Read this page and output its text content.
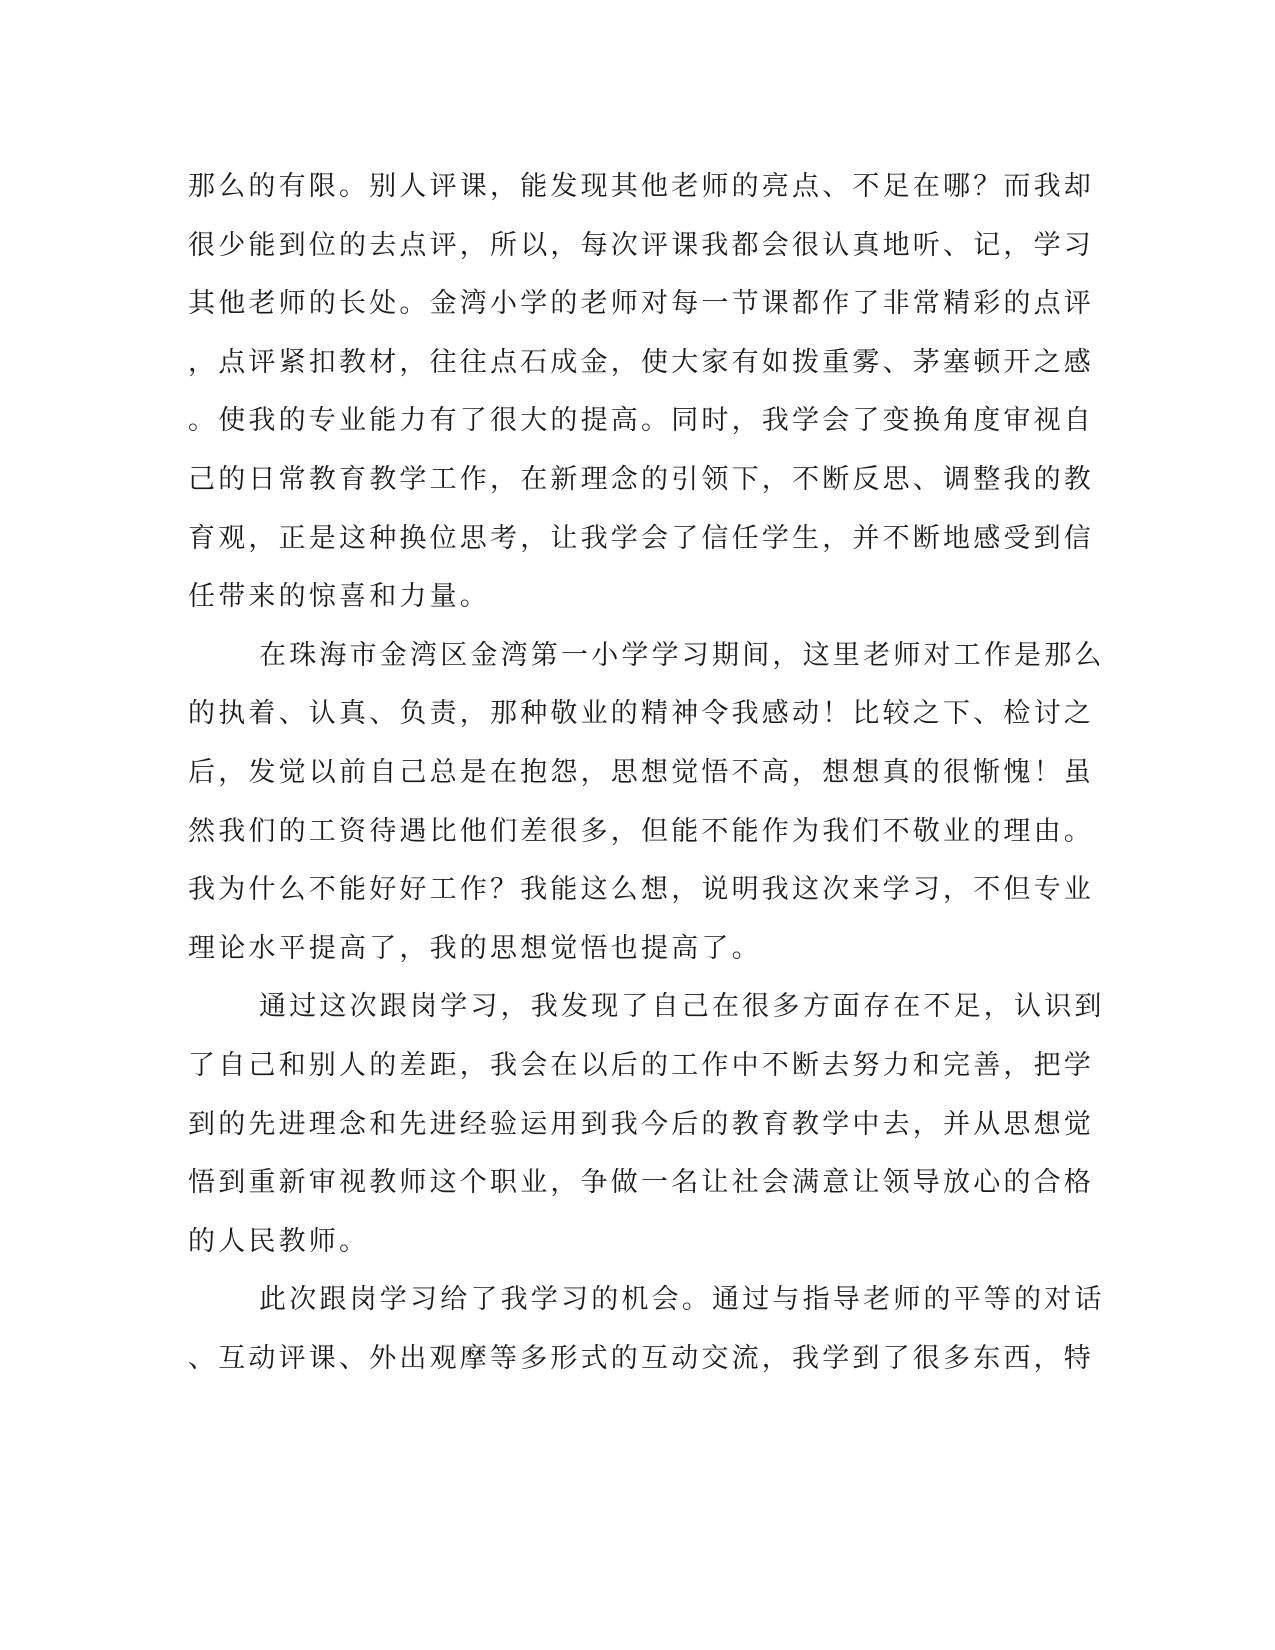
那么的有限。别人评课，能发现其他老师的亮点、不足在哪？而我却
很少能到位的去点评，所以，每次评课我都会很认真地听、记，学习
其他老师的长处。金湾小学的老师对每一节课都作了非常精彩的点评
，点评紧扣教材，往往点石成金，使大家有如拨重雾、茅塞顿开之感
。使我的专业能力有了很大的提高。同时，我学会了变换角度审视自
己的日常教育教学工作，在新理念的引领下，不断反思、调整我的教
育观，正是这种换位思考，让我学会了信任学生，并不断地感受到信
任带来的惊喜和力量。
在珠海市金湾区金湾第一小学学习期间，这里老师对工作是那么
的执着、认真、负责，那种敬业的精神令我感动！比较之下、检讨之
后，发觉以前自己总是在抱怨，思想觉悟不高，想想真的很惭愧！虽
然我们的工资待遇比他们差很多，但能不能作为我们不敬业的理由。
我为什么不能好好工作？我能这么想，说明我这次来学习，不但专业
理论水平提高了，我的思想觉悟也提高了。
通过这次跟岗学习，我发现了自己在很多方面存在不足，认识到
了自己和别人的差距，我会在以后的工作中不断去努力和完善，把学
到的先进理念和先进经验运用到我今后的教育教学中去，并从思想觉
悟到重新审视教师这个职业，争做一名让社会满意让领导放心的合格
的人民教师。
此次跟岗学习给了我学习的机会。通过与指导老师的平等的对话
、互动评课、外出观摩等多形式的互动交流，我学到了很多东西，特
